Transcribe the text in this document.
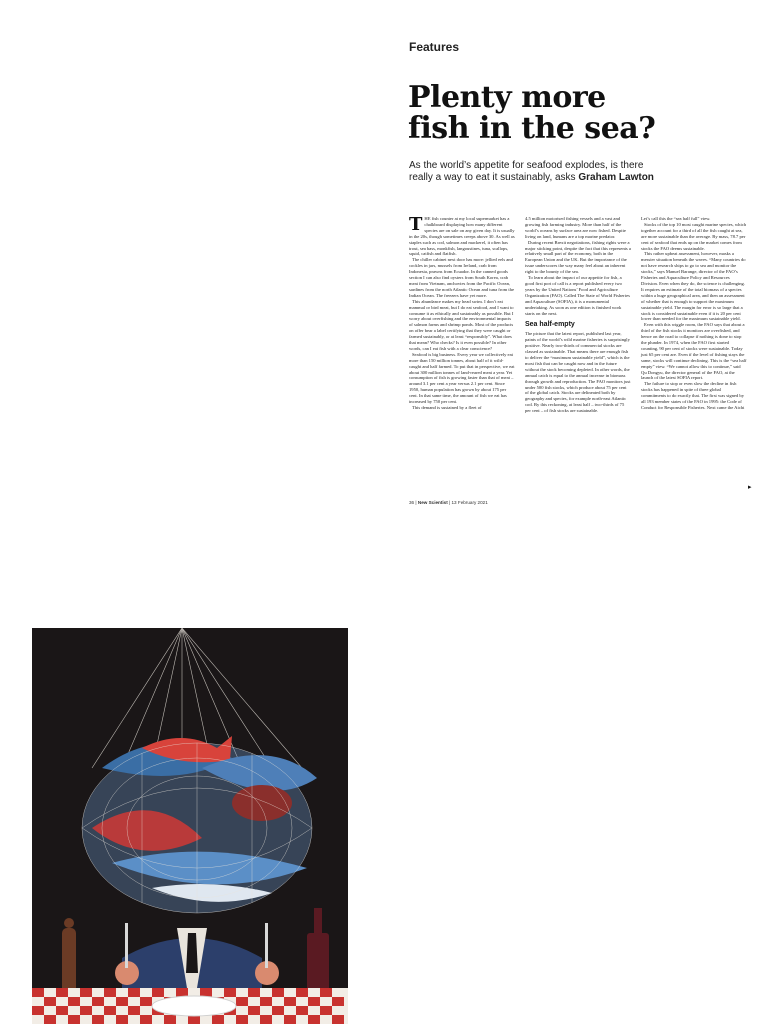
Features
Plenty more
fish in the sea?
As the world’s appetite for seafood explodes, is there really a way to eat it sustainably, asks Graham Lawton
T HE fish counter at my local supermarket has a chalkboard displaying how many different species are on sale on any given day. It is usually in the 20s, though sometimes creeps above 30. As well as staples such as cod, salmon and mackerel, it often has trout, sea bass, monkfish, langoustines, tuna, scallops, squid, catfish and flatfish.

The chiller cabinet next door has more: jellied eels and cockles in jars, mussels from Ireland, crab from Indonesia, prawns from Ecuador. In the canned goods section I can also find oysters from South Korea, crab meat from Vietnam, anchovies from the Pacific Ocean, sardines from the north Atlantic Ocean and tuna from the Indian Ocean. The freezers have yet more.

This abundance makes my head swim. I don’t eat mammal or bird meat, but I do eat seafood, and I want to consume it as ethically and sustainably as possible. But I worry about overfishing and the environmental impacts of salmon farms and shrimp ponds. Most of the products on offer bear a label certifying that they were caught or farmed sustainably, or at least “responsibly”. What does that mean? Who checks? Is it even possible? In other words, can I eat fish with a clear conscience?

Seafood is big business. Every year we collectively eat more than 150 million tonnes, about half of it wild-caught and half farmed. To put that in perspective, we eat about 300 million tonnes of land-reared meat a year. Yet consumption of fish is growing faster than that of meat – around 3.1 per cent a year versus 2.1 per cent. Since 1950, human population has grown by about 175 per cent. In that same time, the amount of fish we eat has increased by 750 per cent.

This demand is sustained by a fleet of

4.5 million motorised fishing vessels and a vast and growing fish farming industry. More than half of the world’s oceans by surface area are now fished. Despite living on land, humans are a top marine predator.

During recent Brexit negotiations, fishing rights were a major sticking point, despite the fact that this represents a relatively small part of the economy, both in the European Union and the UK. But the importance of the issue underscores the way many feel about an inherent right to the bounty of the sea.

To learn about the impact of our appetite for fish, a good first port of call is a report published every two years by the United Nations’ Food and Agriculture Organization (FAO). Called The State of World Fisheries and Aquaculture (SOFIA), it is a monumental undertaking. As soon as one edition is finished work starts on the next.

Sea half-empty

The picture that the latest report, published last year, paints of the world’s wild marine fisheries is surprisingly positive. Nearly two-thirds of commercial stocks are classed as sustainable. That means there are enough fish to deliver the “maximum sustainable yield”, which is the most fish that can be caught now and in the future without the stock becoming depleted. In other words, the annual catch is equal to the annual increase in biomass through growth and reproduction. The FAO monitors just under 500 fish stocks, which produce about 75 per cent of the global catch. Stocks are delineated both by geography and species, for example north-east Atlantic cod. By this reckoning, at least half – two-thirds of 75 per cent – of fish stocks are sustainable.

Let’s call this the “sea half full” view.

Stocks of the top 10 most caught marine species, which together account for a third of all the fish caught at sea, are more sustainable than the average. By mass, 78.7 per cent of seafood that ends up on the market comes from stocks the FAO deems sustainable.

This rather upbeat assessment, however, masks a messier situation beneath the waves. “Many countries do not have research ships to go to sea and monitor the stocks,” says Manuel Barange, director of the FAO’s Fisheries and Aquaculture Policy and Resources Division. Even when they do, the science is challenging. It requires an estimate of the total biomass of a species within a huge geographical area, and then an assessment of whether that is enough to support the maximum sustainable yield. The margin for error is so large that a stock is considered sustainable even if it is 20 per cent lower than needed for the maximum sustainable yield.

Even with this wiggle room, the FAO says that about a third of the fish stocks it monitors are overfished, and hence on the road to collapse if nothing is done to stop the plunder. In 1974, when the FAO first started counting, 90 per cent of stocks were sustainable. Today just 65 per cent are. Even if the level of fishing stays the same, stocks will continue declining. This is the “sea half empty” view. “We cannot allow this to continue,” said Qu Dongyu, the director general of the FAO, at the launch of the latest SOFIA report.

The failure to stop or even slow the decline in fish stocks has happened in spite of three global commitments to do exactly that. The first was signed by all 193 member states of the FAO in 1995: the Code of Conduct for Responsible Fisheries. Next came the Aichi

▸
36 | New Scientist | 13 February 2021
